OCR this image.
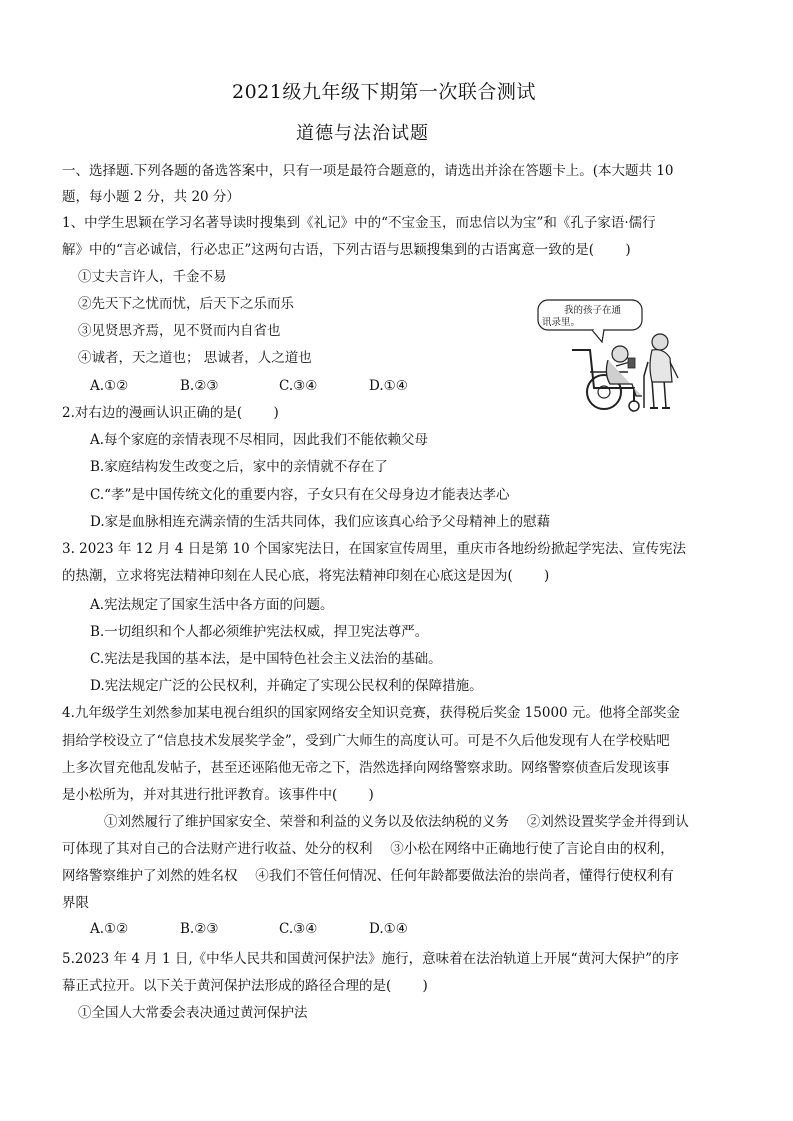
2021级九年级下期第一次联合测试
道德与法治试题
一、选择题.下列各题的备选答案中，只有一项是最符合题意的，请选出并涂在答题卡上。(本大题共 10
题，每小题 2 分，共 20 分）
1、中学生思颖在学习名著导读时搜集到《礼记》中的“不宝金玉，而忠信以为宝”和《孔子家语·儒行
解》中的“言必诚信，行必忠正”这两句古语，下列古语与思颖搜集到的古语寓意一致的是(　　 )
①丈夫言许人，千金不易
②先天下之忧而忧，后天下之乐而乐
③见贤思齐焉，见不贤而内自省也
④诚者，天之道也； 思诚者，人之道也
A.①②	B.②③	C.③④	D.①④
我的孩子在通
讯录里。
2.对右边的漫画认识正确的是(　　 )
A.每个家庭的亲情表现不尽相同，因此我们不能依赖父母
B.家庭结构发生改变之后，家中的亲情就不存在了
C.“孝”是中国传统文化的重要内容，子女只有在父母身边才能表达孝心
D.家是血脉相连充满亲情的生活共同体，我们应该真心给予父母精神上的慰藉
3. 2023 年 12 月 4 日是第 10 个国家宪法日，在国家宣传周里，重庆市各地纷纷掀起学宪法、宣传宪法
的热潮，立求将宪法精神印刻在人民心底，将宪法精神印刻在心底这是因为(　　 )
A.宪法规定了国家生活中各方面的问题。
B.一切组织和个人都必须维护宪法权威，捍卫宪法尊严。
C.宪法是我国的基本法，是中国特色社会主义法治的基础。
D.宪法规定广泛的公民权利，并确定了实现公民权利的保障措施。
4.九年级学生刘然参加某电视台组织的国家网络安全知识竞赛，获得税后奖金 15000 元。他将全部奖金
捐给学校设立了“信息技术发展奖学金”，受到广大师生的高度认可。可是不久后他发现有人在学校贴吧
上多次冒充他乱发帖子，甚至还诬陷他无帝之下，浩然选择向网络警察求助。网络警察侦查后发现该事
是小松所为，并对其进行批评教育。该事件中(　　 )
①刘然履行了维护国家安全、荣誉和利益的义务以及依法纳税的义务　 ②刘然设置奖学金并得到认
可体现了其对自己的合法财产进行收益、处分的权利　 ③小松在网络中正确地行使了言论自由的权利，
网络警察维护了刘然的姓名权　 ④我们不管任何情况、任何年龄都要做法治的崇尚者，懂得行使权利有
界限
A.①②	B.②③	C.③④	D.①④
5.2023 年 4 月 1 日,《中华人民共和国黄河保护法》施行，意味着在法治轨道上开展“黄河大保护”的序
幕正式拉开。以下关于黄河保护法形成的路径合理的是(　　 )
①全国人大常委会表决通过黄河保护法
